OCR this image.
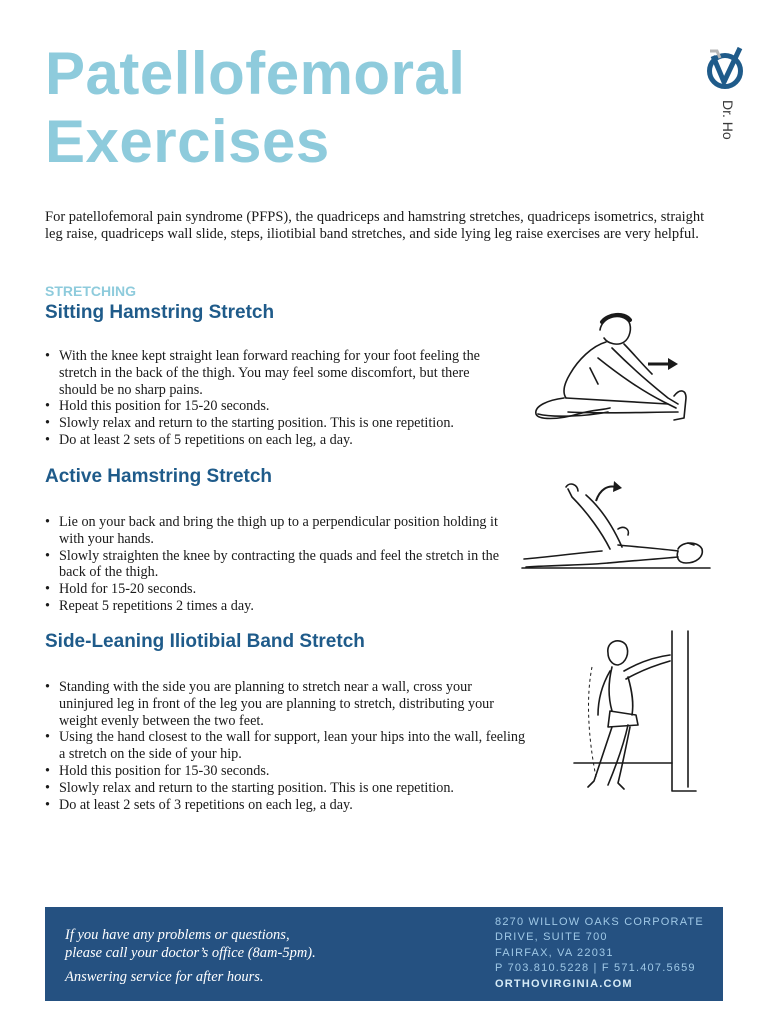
Patellofemoral
Exercises	Dr. Ho

For patellofemoral pain syndrome (PFPS), the quadriceps and hamstring stretches, quadriceps isometrics, straight leg raise, quadriceps wall slide, steps, iliotibial band stretches, and side lying leg raise exercises are very helpful.

STRETCHING

Sitting Hamstring Stretch
• With the knee kept straight lean forward reaching for your foot feeling the stretch in the back of the thigh. You may feel some discomfort, but there should be no sharp pains.
• Hold this position for 15-20 seconds.
• Slowly relax and return to the starting position. This is one repetition.
• Do at least 2 sets of 5 repetitions on each leg, a day.
Active Hamstring Stretch
• Lie on your back and bring the thigh up to a perpendicular position holding it with your hands.
• Slowly straighten the knee by contracting the quads and feel the stretch in the back of the thigh.
• Hold for 15-20 seconds.
• Repeat 5 repetitions 2 times a day.
Side-Leaning Iliotibial Band Stretch
• Standing with the side you are planning to stretch near a wall, cross your uninjured leg in front of the leg you are planning to stretch, distributing your weight evenly between the two feet.
• Using the hand closest to the wall for support, lean your hips into the wall, feeling a stretch on the side of your hip.
• Hold this position for 15-30 seconds.
• Slowly relax and return to the starting position. This is one repetition.
• Do at least 2 sets of 3 repetitions on each leg, a day.

If you have any problems or questions,

please call your doctor’s office (8am-5pm).

Answering service for after hours.

8270 WILLOW OAKS CORPORATE
DRIVE, SUITE 700
FAIRFAX, VA 22031
P 703.810.5228 | F 571.407.5659
ORTHOVIRGINIA.COM
